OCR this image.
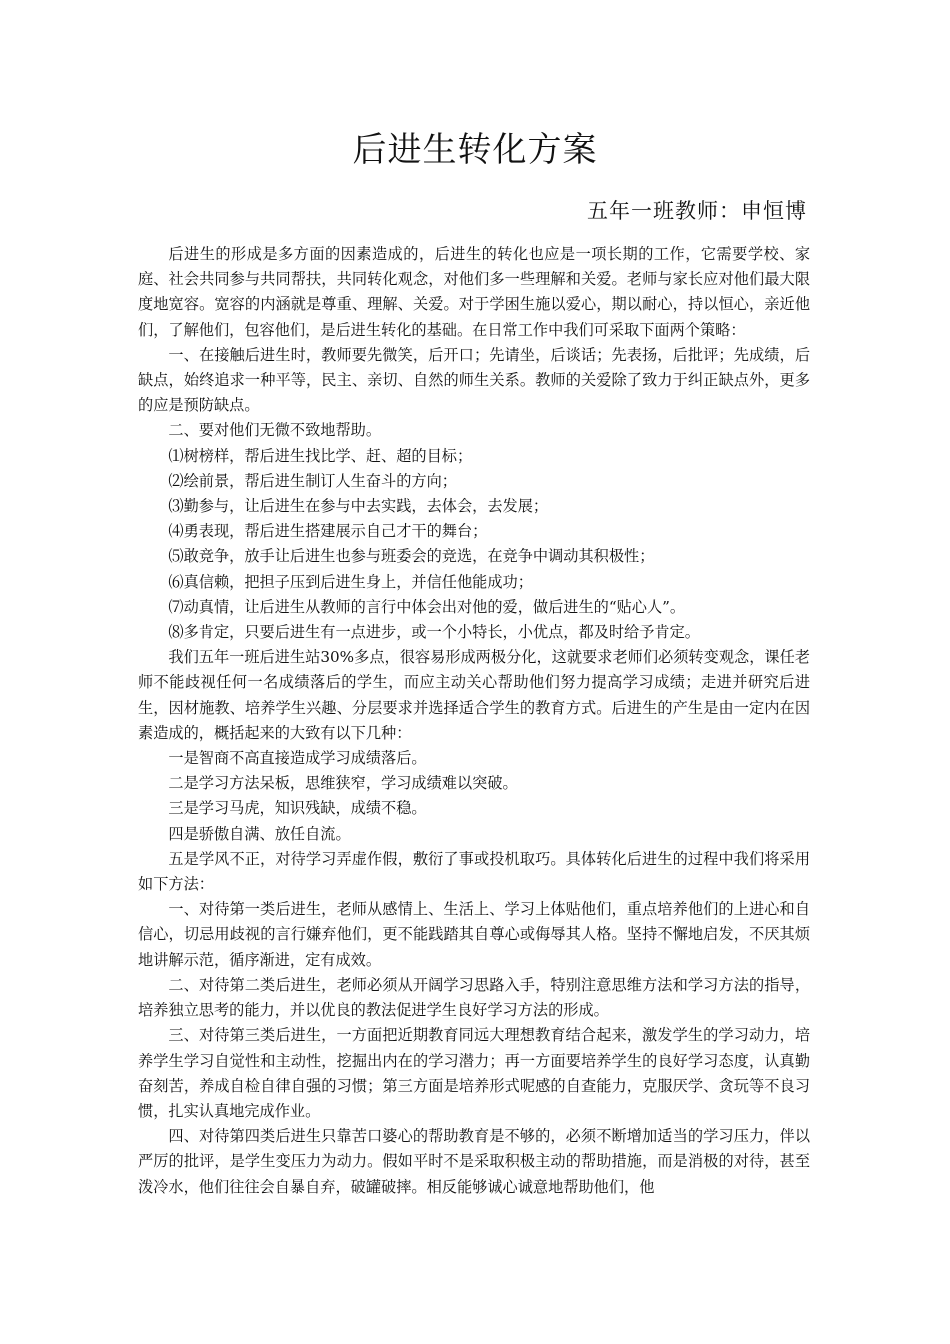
后进生转化方案
五年一班教师：申恒博

后进生的形成是多方面的因素造成的，后进生的转化也应是一项长期的工作，它需要学校、家庭、社会共同参与共同帮扶，共同转化观念，对他们多一些理解和关爱。老师与家长应对他们最大限度地宽容。宽容的内涵就是尊重、理解、关爱。对于学困生施以爱心，期以耐心，持以恒心，亲近他们，了解他们，包容他们，是后进生转化的基础。在日常工作中我们可采取下面两个策略：

一、在接触后进生时，教师要先微笑，后开口；先请坐，后谈话；先表扬，后批评；先成绩，后缺点，始终追求一种平等，民主、亲切、自然的师生关系。教师的关爱除了致力于纠正缺点外，更多的应是预防缺点。

二、要对他们无微不致地帮助。

⑴树榜样，帮后进生找比学、赶、超的目标；

⑵绘前景，帮后进生制订人生奋斗的方向；

⑶勤参与，让后进生在参与中去实践，去体会，去发展；

⑷勇表现，帮后进生搭建展示自己才干的舞台；

⑸敢竞争，放手让后进生也参与班委会的竞选，在竞争中调动其积极性；

⑹真信赖，把担子压到后进生身上，并信任他能成功；

⑺动真情，让后进生从教师的言行中体会出对他的爱，做后进生的“贴心人”。

⑻多肯定，只要后进生有一点进步，或一个小特长，小优点，都及时给予肯定。

我们五年一班后进生站30%多点，很容易形成两极分化，这就要求老师们必须转变观念，课任老师不能歧视任何一名成绩落后的学生，而应主动关心帮助他们努力提高学习成绩；走进并研究后进生，因材施教、培养学生兴趣、分层要求并选择适合学生的教育方式。后进生的产生是由一定内在因素造成的，概括起来的大致有以下几种：

一是智商不高直接造成学习成绩落后。

二是学习方法呆板，思维狭窄，学习成绩难以突破。

三是学习马虎，知识残缺，成绩不稳。

四是骄傲自满、放任自流。

五是学风不正，对待学习弄虚作假，敷衍了事或投机取巧。具体转化后进生的过程中我们将采用如下方法：

一、对待第一类后进生，老师从感情上、生活上、学习上体贴他们，重点培养他们的上进心和自信心，切忌用歧视的言行嫌弃他们，更不能践踏其自尊心或侮辱其人格。坚持不懈地启发，不厌其烦地讲解示范，循序渐进，定有成效。

二、对待第二类后进生，老师必须从开阔学习思路入手，特别注意思维方法和学习方法的指导，培养独立思考的能力，并以优良的教法促进学生良好学习方法的形成。

三、对待第三类后进生，一方面把近期教育同远大理想教育结合起来，激发学生的学习动力，培养学生学习自觉性和主动性，挖掘出内在的学习潜力；再一方面要培养学生的良好学习态度，认真勤奋刻苦，养成自检自律自强的习惯；第三方面是培养形式呢感的自查能力，克服厌学、贪玩等不良习惯，扎实认真地完成作业。

四、对待第四类后进生只靠苦口婆心的帮助教育是不够的，必须不断增加适当的学习压力，伴以严厉的批评，是学生变压力为动力。假如平时不是采取积极主动的帮助措施，而是消极的对待，甚至泼冷水，他们往往会自暴自弃，破罐破摔。相反能够诚心诚意地帮助他们，他
